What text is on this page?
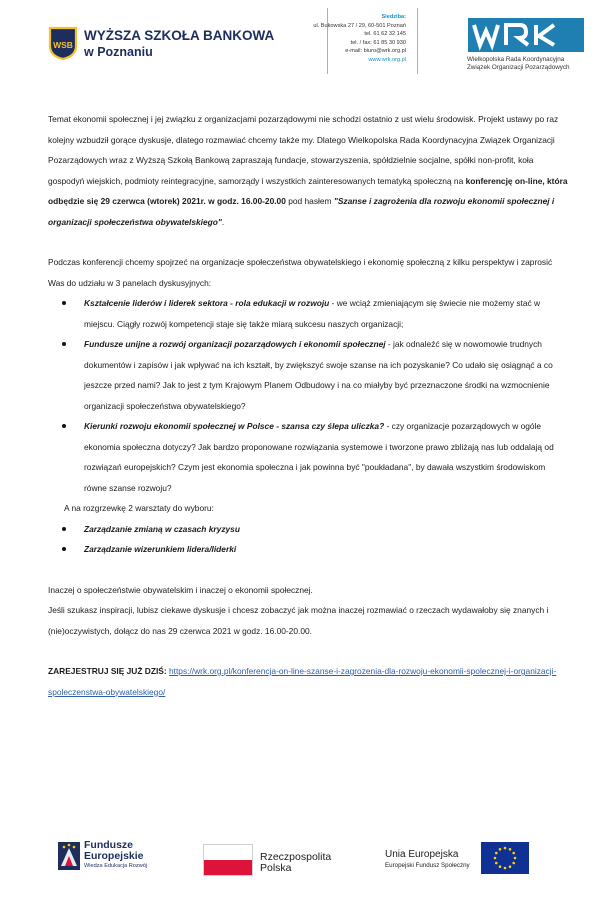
WSB
WYŻSZA SZKOŁA BANKOWA
w Poznaniu
Siedziba:
ul. Bukowska 27 / 29, 60-501 Poznań
tel. 61 62 32 145
tel. / fax: 61 85 30 930
e-mail: biuro@wrk.org.pl
www.wrk.org.pl	Wielkopolska Rada Koordynacyjna
Związek Organizacji Pozarządowych

Temat ekonomii społecznej i jej związku z organizacjami pozarządowymi nie schodzi ostatnio z ust wielu środowisk. Projekt ustawy po raz kolejny wzbudził gorące dyskusje, dlatego rozmawiać chcemy także my. Dlatego Wielkopolska Rada Koordynacyjna Związek Organizacji Pozarządowych wraz z Wyższą Szkołą Bankową zapraszają fundacje, stowarzyszenia, spółdzielnie socjalne, spółki non-profit, koła gospodyń wiejskich, podmioty reintegracyjne, samorządy i wszystkich zainteresowanych tematyką społeczną na konferencję on-line, która odbędzie się 29 czerwca (wtorek) 2021r. w godz. 16.00-20.00 pod hasłem "Szanse i zagrożenia dla rozwoju ekonomii społecznej i organizacji społeczeństwa obywatelskiego".

Podczas konferencji chcemy spojrzeć na organizacje społeczeństwa obywatelskiego i ekonomię społeczną z kilku perspektyw i zaprosić Was do udziału w 3 panelach dyskusyjnych:

Kształcenie liderów i liderek sektora - rola edukacji w rozwoju - we wciąż zmieniającym się świecie nie możemy stać w miejscu. Ciągły rozwój kompetencji staje się także miarą sukcesu naszych organizacji;
Fundusze unijne a rozwój organizacji pozarządowych i ekonomii społecznej - jak odnaleźć się w nowomowie trudnych dokumentów i zapisów i jak wpływać na ich kształt, by zwiększyć swoje szanse na ich pozyskanie? Co udało się osiągnąć a co jeszcze przed nami? Jak to jest z tym Krajowym Planem Odbudowy i na co miałyby być przeznaczone środki na wzmocnienie organizacji społeczeństwa obywatelskiego?
Kierunki rozwoju ekonomii społecznej w Polsce - szansa czy ślepa uliczka? - czy organizacje pozarządowych w ogóle ekonomia społeczna dotyczy? Jak bardzo proponowane rozwiązania systemowe i tworzone prawo zbliżają nas lub oddalają od rozwiązań europejskich? Czym jest ekonomia społeczna i jak powinna być "poukładana", by dawała wszystkim środowiskom równe szanse rozwoju?

A na rozgrzewkę 2 warsztaty do wyboru:

Zarządzanie zmianą w czasach kryzysu
Zarządzanie wizerunkiem lidera/liderki

Inaczej o społeczeństwie obywatelskim i inaczej o ekonomii społecznej.

Jeśli szukasz inspiracji, lubisz ciekawe dyskusje i chcesz zobaczyć jak można inaczej rozmawiać o rzeczach wydawałoby się znanych i (nie)oczywistych, dołącz do nas 29 czerwca 2021 w godz. 16.00-20.00.

ZAREJESTRUJ SIĘ JUŻ DZIŚ: https://wrk.org.pl/konferencja-on-line-szanse-i-zagrozenia-dla-rozwoju-ekonomii-spolecznej-i-organizacji-spoleczenstwa-obywatelskiego/

Fundusze
Europejskie
Wiedza Edukacja Rozwój
Rzeczpospolita
Polska
Unia Europejska
Europejski Fundusz Społeczny
